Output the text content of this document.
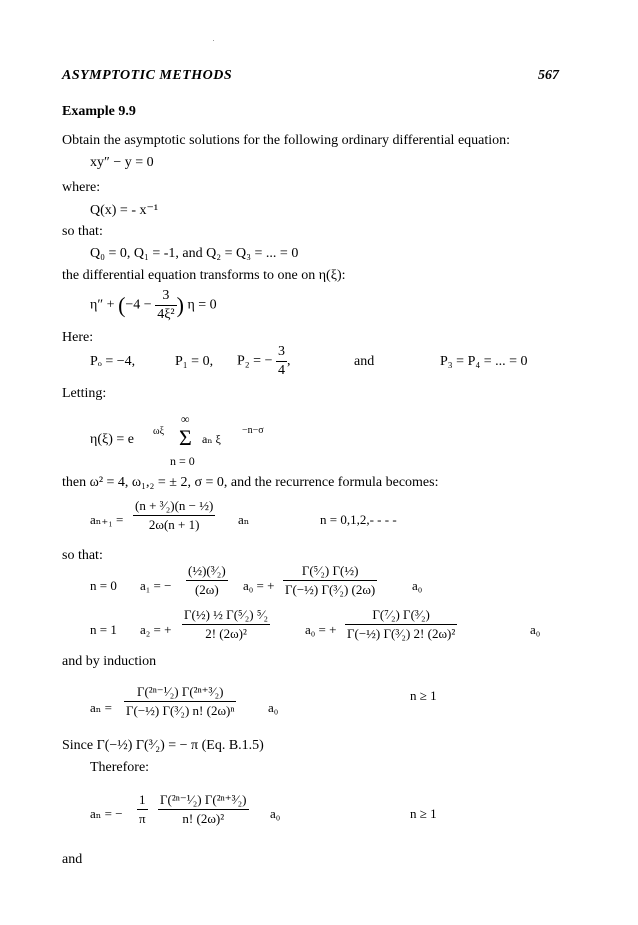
ASYMPTOTIC METHODS	567
Example 9.9
Obtain the asymptotic solutions for the following ordinary differential equation:
xy″ − y = 0
where:
Q(x) = - x⁻¹
so that:
Q₀ = 0, Q₁ = -1, and Q₂ = Q₃ = ... = 0
the differential equation transforms to one on η(ξ):
$\eta'' + (-4 - \frac{3}{\text{4ξ²}}$ ) η = 0
Here:
Pₒ = −4,	P₁ = 0, P₂ = − $\frac{3}{4}$ ,	and	P₃ = P₄ = ... = 0
Letting:
η(ξ) = e
ωξ
∞
Σ
n = 0
aₙ ξ
−n−σ
then ω² = 4, ω₁,₂ = ± 2, σ = 0, and the recurrence formula becomes:
$a_{n+1} = \frac{\text{(n + ³⁄₂)(n − ½)}}{2\omega(n + 1)}$ aₙ	n = 0,1,2,- - - -
so that:
n = 0 a₁ = − $\frac{\text{(½)(³⁄₂)}}{(2\omega)} a_0$ = + $\frac{\text{Γ(⁵⁄₂) Γ(½)}}{\text{Γ(−½) Γ(³⁄₂) (2ω)}}$	a₀
n = 1 a₂ = + $\frac{\text{Γ(½) ½ Γ(⁵⁄₂) ⁵⁄₂}}{\text{2! (2ω)²}}$	a₀ = + $\frac{\text{Γ(⁷⁄₂) Γ(³⁄₂)}}{\text{Γ(−½) Γ(³⁄₂) 2! (2ω)²}}$	a₀
and by induction
$a_n = \frac{\text{Γ(²ⁿ⁻¹⁄₂) Γ(²ⁿ⁺³⁄₂)}}{\text{Γ(−½) Γ(³⁄₂) n! (2ω)ⁿ}} a_0$
n ≥ 1
Since Γ(−½) Γ(³⁄₂) = − π (Eq. B.1.5)
Therefore:
aₙ = − $\frac{1}{\pi} \frac{\text{Γ(²ⁿ⁻¹⁄₂) Γ(²ⁿ⁺³⁄₂)}}{\text{n! (2ω)²}} a_0$	n ≥ 1
and
